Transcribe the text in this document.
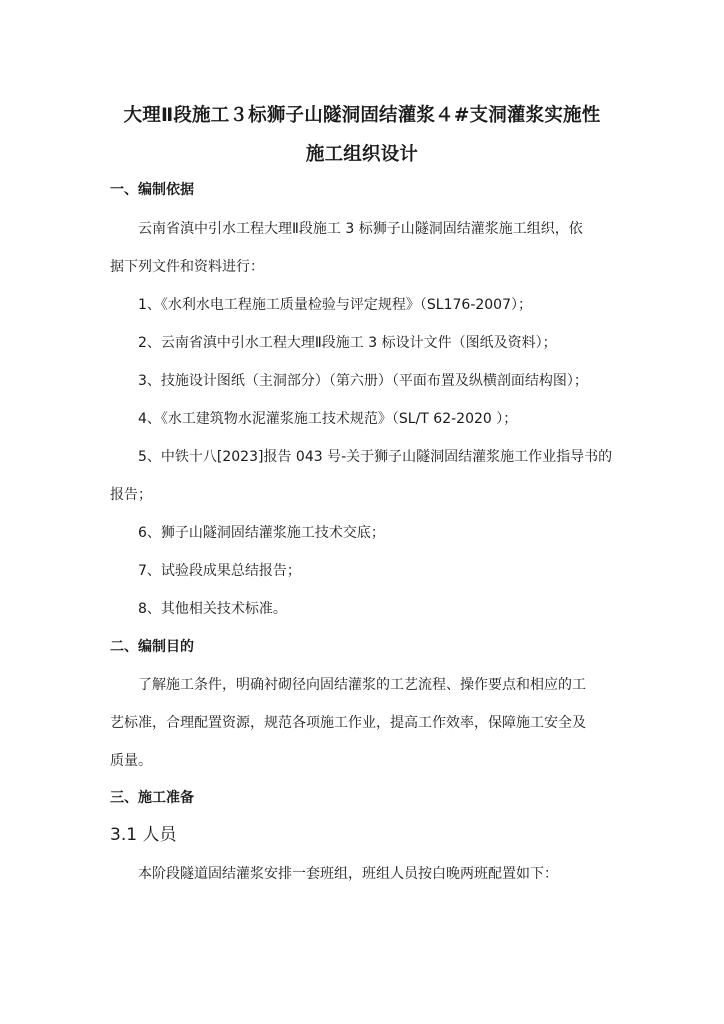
大理Ⅱ段施工３标狮子山隧洞固结灌浆４#支洞灌浆实施性
施工组织设计
一、编制依据
云南省滇中引水工程大理Ⅱ段施工 3 标狮子山隧洞固结灌浆施工组织，依
据下列文件和资料进行：
1、《水利水电工程施工质量检验与评定规程》（SL176-2007）；
2、云南省滇中引水工程大理Ⅱ段施工 3 标设计文件（图纸及资料）；
3、技施设计图纸（主洞部分）（第六册）（平面布置及纵横剖面结构图）；
4、《水工建筑物水泥灌浆施工技术规范》（SL/T 62-2020 ）；
5、中铁十八[2023]报告 043 号-关于狮子山隧洞固结灌浆施工作业指导书的
报告；
6、狮子山隧洞固结灌浆施工技术交底；
7、试验段成果总结报告；
8、其他相关技术标准。
二、编制目的
了解施工条件，明确衬砌径向固结灌浆的工艺流程、操作要点和相应的工
艺标准，合理配置资源，规范各项施工作业，提高工作效率，保障施工安全及
质量。
三、施工准备
3.1 人员
本阶段隧道固结灌浆安排一套班组，班组人员按白晚两班配置如下：
